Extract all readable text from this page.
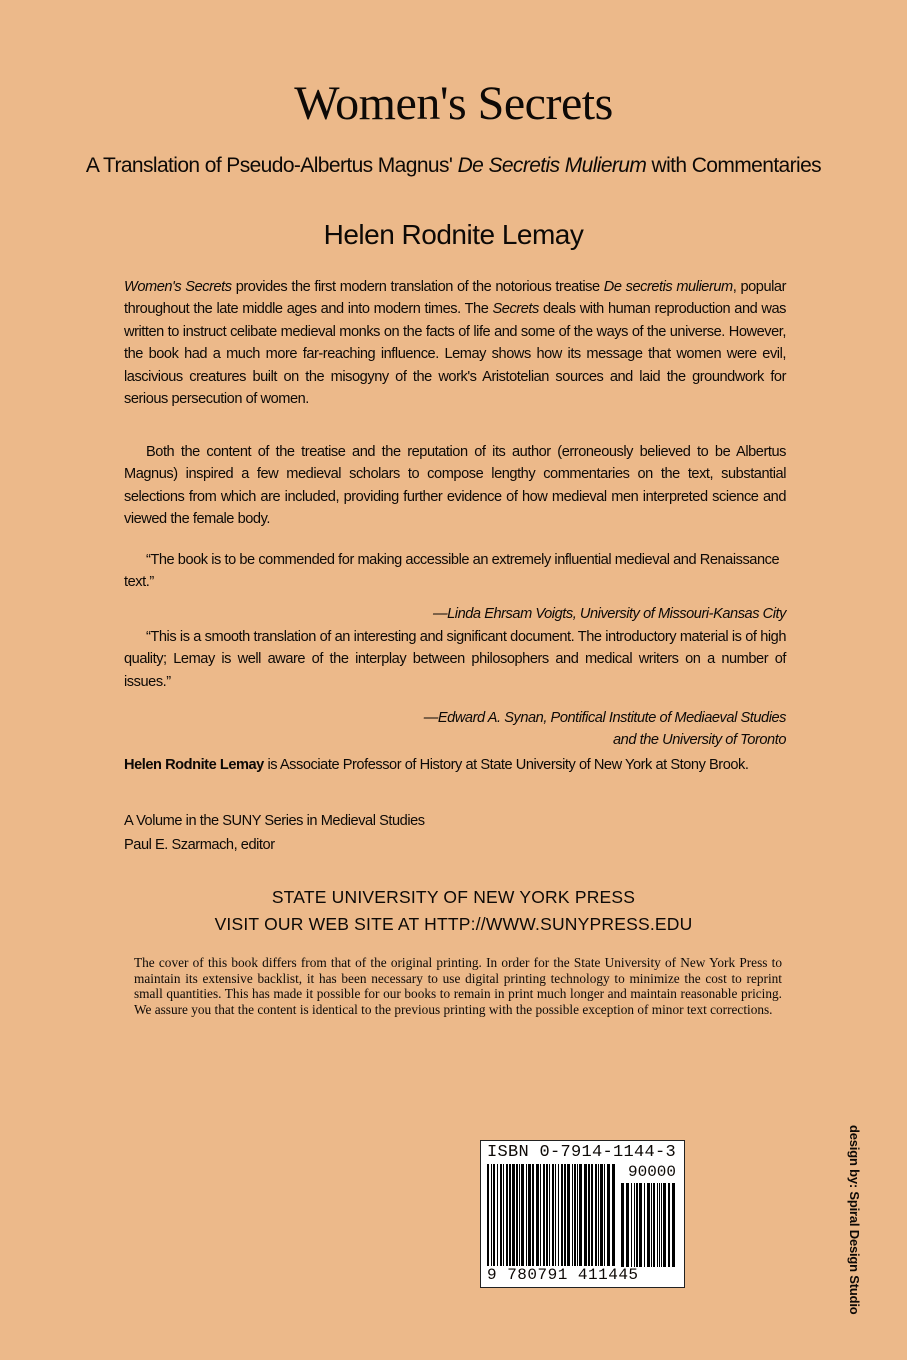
Women's Secrets
A Translation of Pseudo-Albertus Magnus' De Secretis Mulierum with Commentaries
Helen Rodnite Lemay
Women's Secrets provides the first modern translation of the notorious treatise De secretis mulierum, popular throughout the late middle ages and into modern times. The Secrets deals with human reproduction and was written to instruct celibate medieval monks on the facts of life and some of the ways of the universe. However, the book had a much more far-reaching influence. Lemay shows how its message that women were evil, lascivious creatures built on the misogyny of the work's Aristotelian sources and laid the groundwork for serious persecution of women.
Both the content of the treatise and the reputation of its author (erroneously believed to be Albertus Magnus) inspired a few medieval scholars to compose lengthy commentaries on the text, substantial selections from which are included, providing further evidence of how medieval men interpreted science and viewed the female body.
“The book is to be commended for making accessible an extremely influential medieval and Renaissance text.”
—Linda Ehrsam Voigts, University of Missouri-Kansas City
“This is a smooth translation of an interesting and significant document. The introductory material is of high quality; Lemay is well aware of the interplay between philosophers and medical writers on a number of issues.”
—Edward A. Synan, Pontifical Institute of Mediaeval Studies
and the University of Toronto
Helen Rodnite Lemay is Associate Professor of History at State University of New York at Stony Brook.
A Volume in the SUNY Series in Medieval Studies
Paul E. Szarmach, editor
STATE UNIVERSITY OF NEW YORK PRESS
VISIT OUR WEB SITE AT HTTP://WWW.SUNYPRESS.EDU
The cover of this book differs from that of the original printing. In order for the State University of New York Press to maintain its extensive backlist, it has been necessary to use digital printing technology to minimize the cost to reprint small quantities. This has made it possible for our books to remain in print much longer and maintain reasonable pricing. We assure you that the content is identical to the previous printing with the possible exception of minor text corrections.
ISBN 0-7914-1144-3
90000
9 780791 411445	design by: Spiral Design Studio
